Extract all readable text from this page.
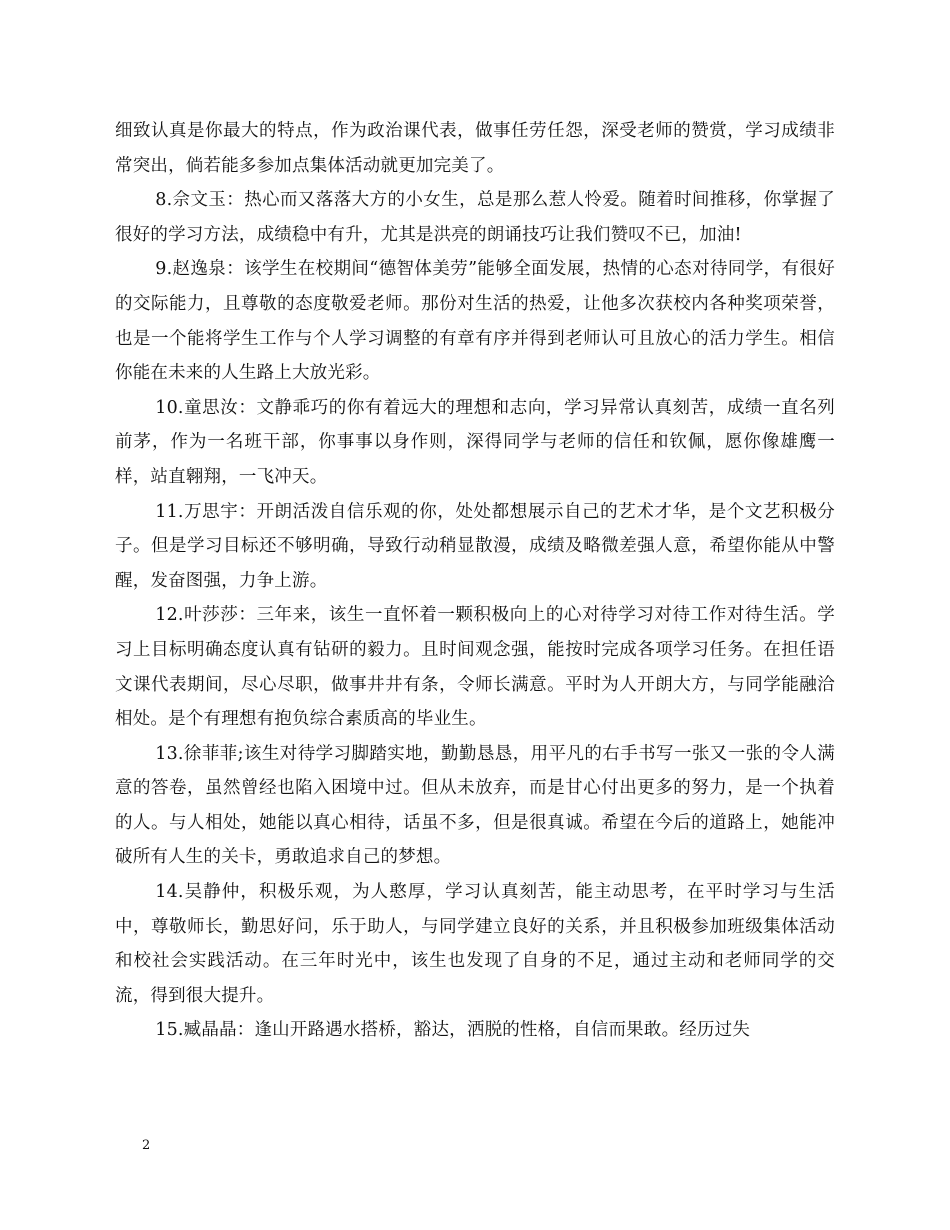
细致认真是你最大的特点，作为政治课代表，做事任劳任怨，深受老师的赞赏，学习成绩非常突出，倘若能多参加点集体活动就更加完美了。

8.佘文玉：热心而又落落大方的小女生，总是那么惹人怜爱。随着时间推移，你掌握了很好的学习方法，成绩稳中有升，尤其是洪亮的朗诵技巧让我们赞叹不已，加油!

9.赵逸泉：该学生在校期间“德智体美劳”能够全面发展，热情的心态对待同学，有很好的交际能力，且尊敬的态度敬爱老师。那份对生活的热爱，让他多次获校内各种奖项荣誉，也是一个能将学生工作与个人学习调整的有章有序并得到老师认可且放心的活力学生。相信你能在未来的人生路上大放光彩。

10.童思汝：文静乖巧的你有着远大的理想和志向，学习异常认真刻苦，成绩一直名列前茅，作为一名班干部，你事事以身作则，深得同学与老师的信任和钦佩，愿你像雄鹰一样，站直翱翔，一飞冲天。

11.万思宇：开朗活泼自信乐观的你，处处都想展示自己的艺术才华，是个文艺积极分子。但是学习目标还不够明确，导致行动稍显散漫，成绩及略微差强人意，希望你能从中警醒，发奋图强，力争上游。

12.叶莎莎：三年来，该生一直怀着一颗积极向上的心对待学习对待工作对待生活。学习上目标明确态度认真有钻研的毅力。且时间观念强，能按时完成各项学习任务。在担任语文课代表期间，尽心尽职，做事井井有条，令师长满意。平时为人开朗大方，与同学能融洽相处。是个有理想有抱负综合素质高的毕业生。

13.徐菲菲;该生对待学习脚踏实地，勤勤恳恳，用平凡的右手书写一张又一张的令人满意的答卷，虽然曾经也陷入困境中过。但从未放弃，而是甘心付出更多的努力，是一个执着的人。与人相处，她能以真心相待，话虽不多，但是很真诚。希望在今后的道路上，她能冲破所有人生的关卡，勇敢追求自己的梦想。

14.吴静仲，积极乐观，为人憨厚，学习认真刻苦，能主动思考，在平时学习与生活中，尊敬师长，勤思好问，乐于助人，与同学建立良好的关系，并且积极参加班级集体活动和校社会实践活动。在三年时光中，该生也发现了自身的不足，通过主动和老师同学的交流，得到很大提升。

15.臧晶晶：逢山开路遇水搭桥，豁达，洒脱的性格，自信而果敢。经历过失

2
